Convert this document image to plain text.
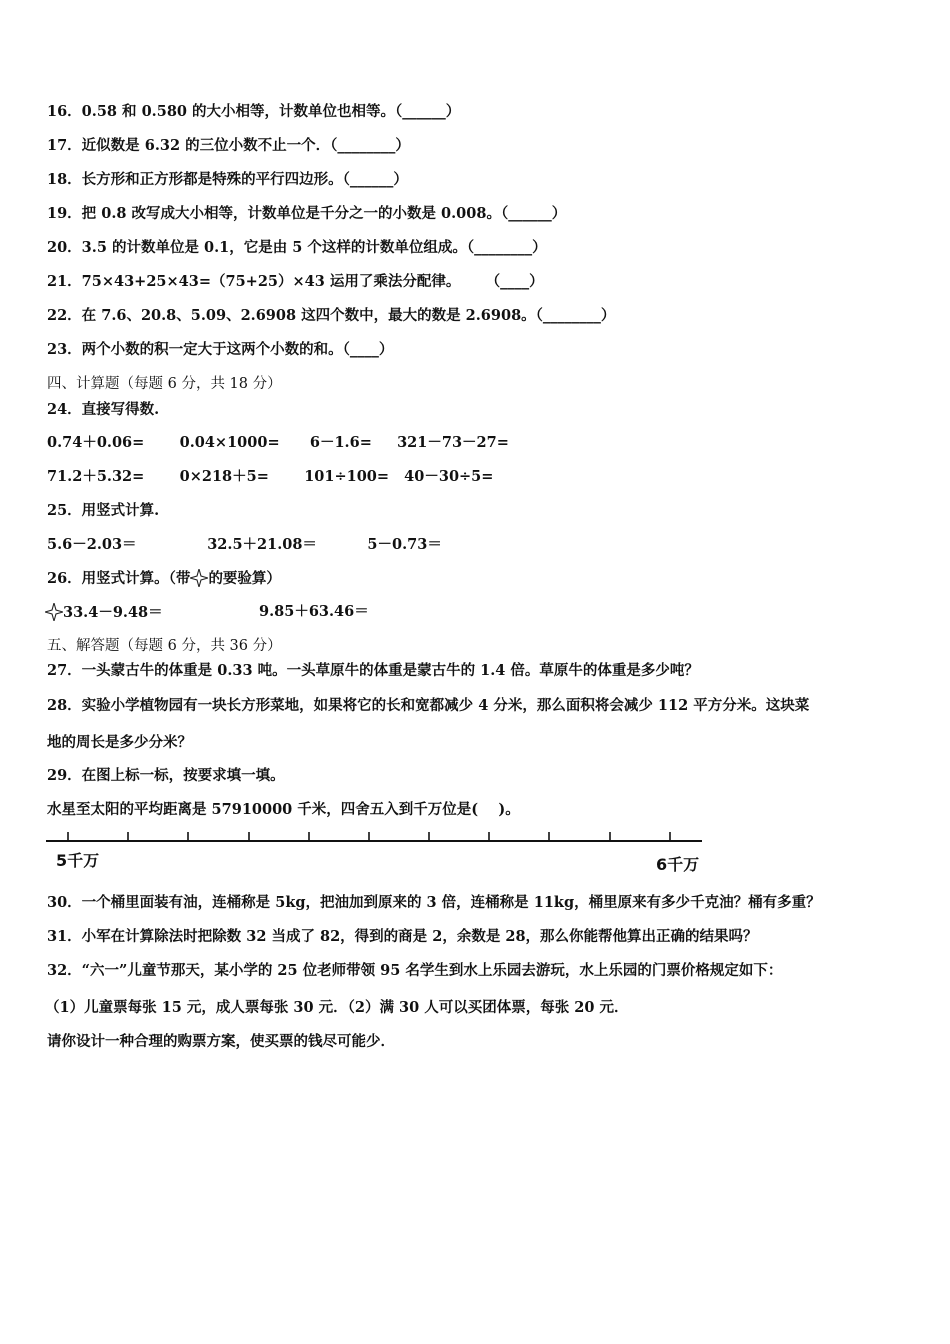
16．0.58 和 0.580 的大小相等，计数单位也相等。（______）
17．近似数是 6.32 的三位小数不止一个．（________）
18．长方形和正方形都是特殊的平行四边形。（______）
19．把 0.8 改写成大小相等，计数单位是千分之一的小数是 0.008。（______）
20．3.5 的计数单位是 0.1，它是由 5 个这样的计数单位组成。（________）
21．75×43+25×43=（75+25）×43 运用了乘法分配律。     （____）
22．在 7.6、20.8、5.09、2.6908 这四个数中，最大的数是 2.6908。（________）
23．两个小数的积一定大于这两个小数的和。（____）
四、计算题（每题 6 分，共 18 分）
24．直接写得数.
0.74＋0.06=       0.04×1000=      6－1.6=     321－73－27=
71.2＋5.32=       0×218＋5=       101÷100=   40－30÷5=
25．用竖式计算.
5.6－2.03＝              32.5＋21.08＝          5－0.73＝
26．用竖式计算。（带 的要验算）
33.4－9.48＝	9.85＋63.46＝
五、解答题（每题 6 分，共 36 分）
27．一头蒙古牛的体重是 0.33 吨。一头草原牛的体重是蒙古牛的 1.4 倍。草原牛的体重是多少吨？
28．实验小学植物园有一块长方形菜地，如果将它的长和宽都减少 4 分米，那么面积将会减少 112 平方分米。这块菜
地的周长是多少分米？
29．在图上标一标，按要求填一填。
水星至太阳的平均距离是 57910000 千米，四舍五入到千万位是(    )。
5千万	6千万
30．一个桶里面装有油，连桶称是 5kg，把油加到原来的 3 倍，连桶称是 11kg，桶里原来有多少千克油？桶有多重？
31．小军在计算除法时把除数 32 当成了 82，得到的商是 2，余数是 28，那么你能帮他算出正确的结果吗？
32．“六一”儿童节那天，某小学的 25 位老师带领 95 名学生到水上乐园去游玩，水上乐园的门票价格规定如下：
（1）儿童票每张 15 元，成人票每张 30 元．（2）满 30 人可以买团体票，每张 20 元．
请你设计一种合理的购票方案，使买票的钱尽可能少．
